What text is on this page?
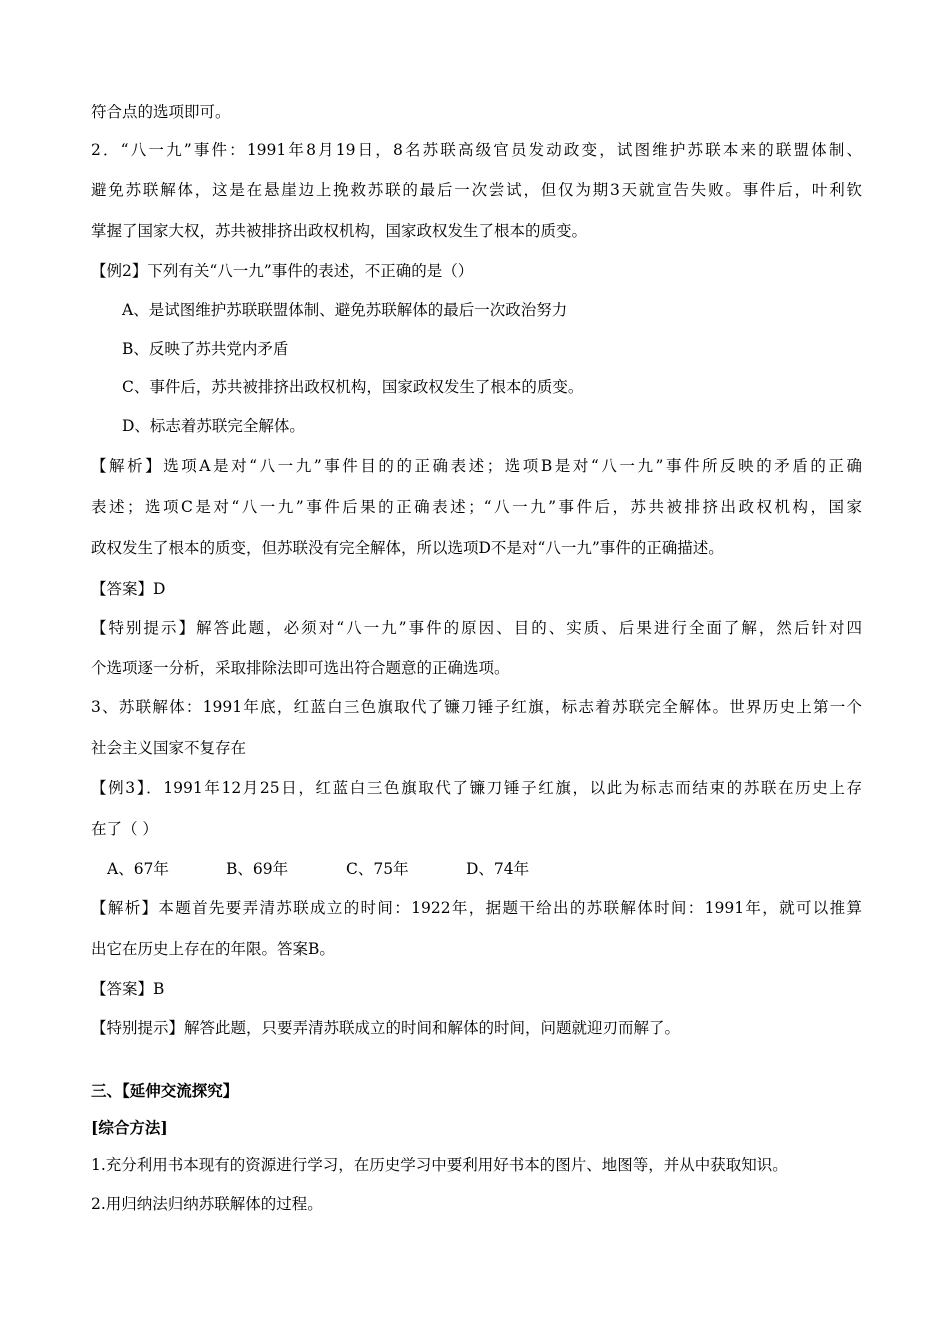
符合点的选项即可。
2．“八一九”事件：1991年8月19日，8名苏联高级官员发动政变，试图维护苏联本来的联盟体制、
避免苏联解体，这是在悬崖边上挽救苏联的最后一次尝试，但仅为期3天就宣告失败。事件后，叶利钦
掌握了国家大权，苏共被排挤出政权机构，国家政权发生了根本的质变。
【例2】下列有关“八一九”事件的表述，不正确的是（）
A、是试图维护苏联联盟体制、避免苏联解体的最后一次政治努力
B、反映了苏共党内矛盾
C、事件后，苏共被排挤出政权机构，国家政权发生了根本的质变。
D、标志着苏联完全解体。
【解析】选项A是对“八一九”事件目的的正确表述；选项B是对“八一九”事件所反映的矛盾的正确
表述；选项C是对“八一九”事件后果的正确表述；“八一九”事件后，苏共被排挤出政权机构，国家
政权发生了根本的质变，但苏联没有完全解体，所以选项D不是对“八一九”事件的正确描述。
【答案】D
【特别提示】解答此题，必须对“八一九”事件的原因、目的、实质、后果进行全面了解，然后针对四
个选项逐一分析，采取排除法即可选出符合题意的正确选项。
3、苏联解体：1991年底，红蓝白三色旗取代了镰刀锤子红旗，标志着苏联完全解体。世界历史上第一个
社会主义国家不复存在
【例3】．1991年12月25日，红蓝白三色旗取代了镰刀锤子红旗，以此为标志而结束的苏联在历史上存
在了（ ）
A、67年	B、69年	C、75年	D、74年
【解析】本题首先要弄清苏联成立的时间：1922年，据题干给出的苏联解体时间：1991年，就可以推算
出它在历史上存在的年限。答案B。
【答案】B
【特别提示】解答此题，只要弄清苏联成立的时间和解体的时间，问题就迎刃而解了。
三、【延伸交流探究】
[综合方法]
1.充分利用书本现有的资源进行学习，在历史学习中要利用好书本的图片、地图等，并从中获取知识。
2.用归纳法归纳苏联解体的过程。
